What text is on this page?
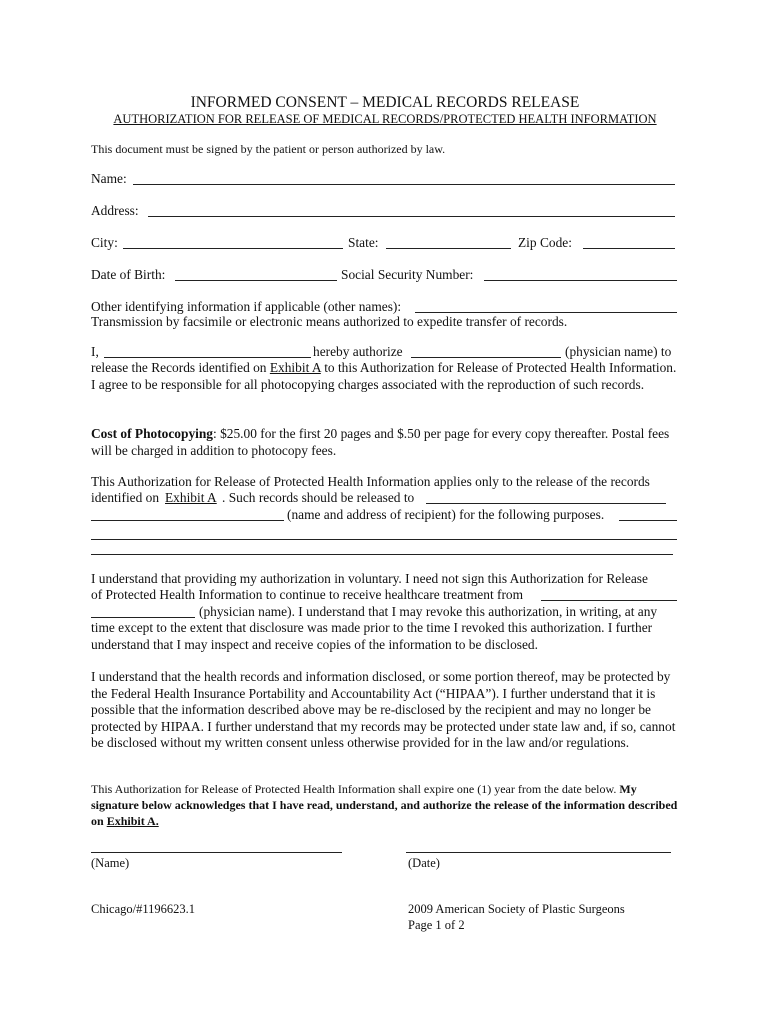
INFORMED CONSENT – MEDICAL RECORDS RELEASE
AUTHORIZATION FOR RELEASE OF MEDICAL RECORDS/PROTECTED HEALTH INFORMATION
This document must be signed by the patient or person authorized by law.
Name:
Address:
City:	State:	Zip Code:
Date of Birth:	Social Security Number:
Other identifying information if applicable (other names):
Transmission by facsimile or electronic means authorized to expedite transfer of records.
I,	hereby authorize	(physician name) to
release the Records identified on Exhibit A to this Authorization for Release of Protected Health Information. I agree to be responsible for all photocopying charges associated with the reproduction of such records.
Cost of Photocopying: $25.00 for the first 20 pages and $.50 per page for every copy thereafter. Postal fees will be charged in addition to photocopy fees.
This Authorization for Release of Protected Health Information applies only to the release of the records
identified on Exhibit A . Such records should be released to
(name and address of recipient) for the following purposes.
I understand that providing my authorization in voluntary. I need not sign this Authorization for Release
of Protected Health Information to continue to receive healthcare treatment from
(physician name). I understand that I may revoke this authorization, in writing, at any
time except to the extent that disclosure was made prior to the time I revoked this authorization. I further understand that I may inspect and receive copies of the information to be disclosed.
I understand that the health records and information disclosed, or some portion thereof, may be protected by the Federal Health Insurance Portability and Accountability Act (“HIPAA”). I further understand that it is possible that the information described above may be re-disclosed by the recipient and may no longer be protected by HIPAA. I further understand that my records may be protected under state law and, if so, cannot be disclosed without my written consent unless otherwise provided for in the law and/or regulations.
This Authorization for Release of Protected Health Information shall expire one (1) year from the date below. My signature below acknowledges that I have read, understand, and authorize the release of the information described on Exhibit A.
(Name)	(Date)
Chicago/#1196623.1	2009 American Society of Plastic Surgeons
Page 1 of 2
